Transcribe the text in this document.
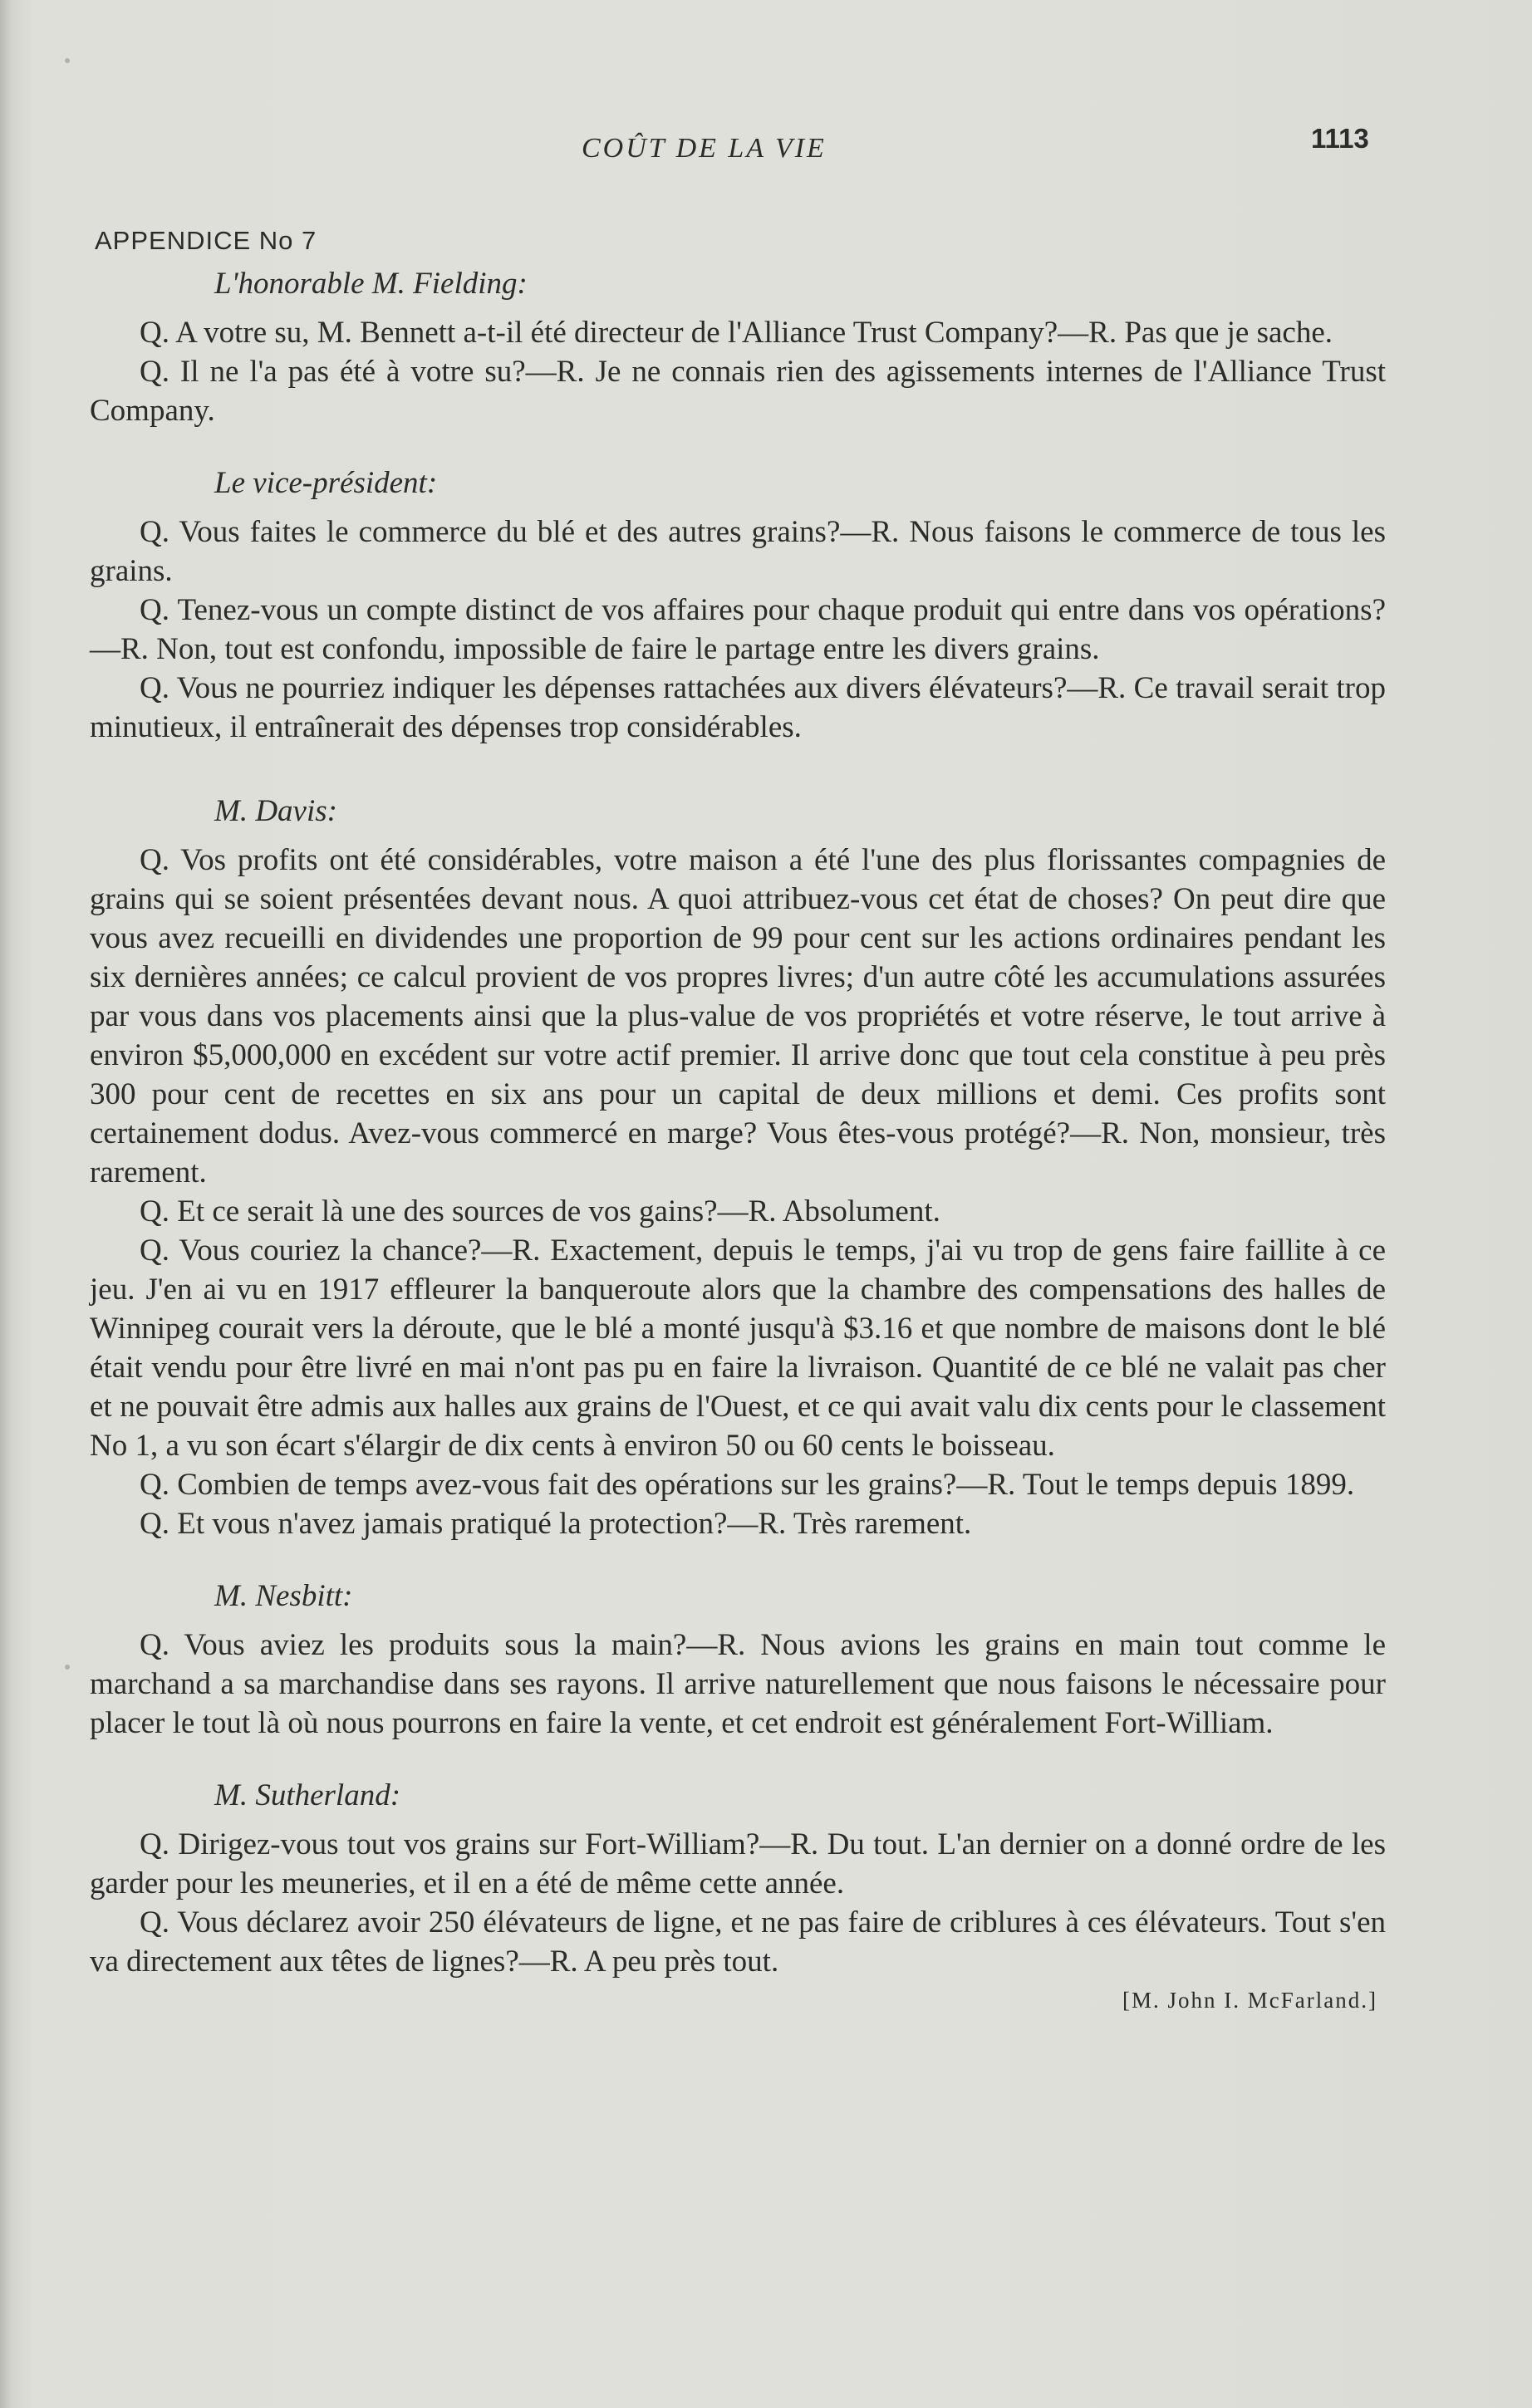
COÛT DE LA VIE	1113
APPENDICE No 7

L'honorable M. Fielding:

Q. A votre su, M. Bennett a-t-il été directeur de l'Alliance Trust Company?—R. Pas que je sache.

Q. Il ne l'a pas été à votre su?—R. Je ne connais rien des agissements internes de l'Alliance Trust Company.

Le vice-président:

Q. Vous faites le commerce du blé et des autres grains?—R. Nous faisons le commerce de tous les grains.

Q. Tenez-vous un compte distinct de vos affaires pour chaque produit qui entre dans vos opérations?—R. Non, tout est confondu, impossible de faire le partage entre les divers grains.

Q. Vous ne pourriez indiquer les dépenses rattachées aux divers élévateurs?—R. Ce travail serait trop minutieux, il entraînerait des dépenses trop considérables.

M. Davis:

Q. Vos profits ont été considérables, votre maison a été l'une des plus florissantes compagnies de grains qui se soient présentées devant nous. A quoi attribuez-vous cet état de choses? On peut dire que vous avez recueilli en dividendes une proportion de 99 pour cent sur les actions ordinaires pendant les six dernières années; ce calcul provient de vos propres livres; d'un autre côté les accumulations assurées par vous dans vos placements ainsi que la plus-value de vos propriétés et votre réserve, le tout arrive à environ $5,000,000 en excédent sur votre actif premier. Il arrive donc que tout cela constitue à peu près 300 pour cent de recettes en six ans pour un capital de deux millions et demi. Ces profits sont certainement dodus. Avez-vous commercé en marge? Vous êtes-vous protégé?—R. Non, monsieur, très rarement.

Q. Et ce serait là une des sources de vos gains?—R. Absolument.

Q. Vous couriez la chance?—R. Exactement, depuis le temps, j'ai vu trop de gens faire faillite à ce jeu. J'en ai vu en 1917 effleurer la banqueroute alors que la chambre des compensations des halles de Winnipeg courait vers la déroute, que le blé a monté jusqu'à $3.16 et que nombre de maisons dont le blé était vendu pour être livré en mai n'ont pas pu en faire la livraison. Quantité de ce blé ne valait pas cher et ne pouvait être admis aux halles aux grains de l'Ouest, et ce qui avait valu dix cents pour le classement No 1, a vu son écart s'élargir de dix cents à environ 50 ou 60 cents le boisseau.

Q. Combien de temps avez-vous fait des opérations sur les grains?—R. Tout le temps depuis 1899.

Q. Et vous n'avez jamais pratiqué la protection?—R. Très rarement.

M. Nesbitt:

Q. Vous aviez les produits sous la main?—R. Nous avions les grains en main tout comme le marchand a sa marchandise dans ses rayons. Il arrive naturellement que nous faisons le nécessaire pour placer le tout là où nous pourrons en faire la vente, et cet endroit est généralement Fort-William.

M. Sutherland:

Q. Dirigez-vous tout vos grains sur Fort-William?—R. Du tout. L'an dernier on a donné ordre de les garder pour les meuneries, et il en a été de même cette année.

Q. Vous déclarez avoir 250 élévateurs de ligne, et ne pas faire de criblures à ces élévateurs. Tout s'en va directement aux têtes de lignes?—R. A peu près tout.

[M. John I. McFarland.]
